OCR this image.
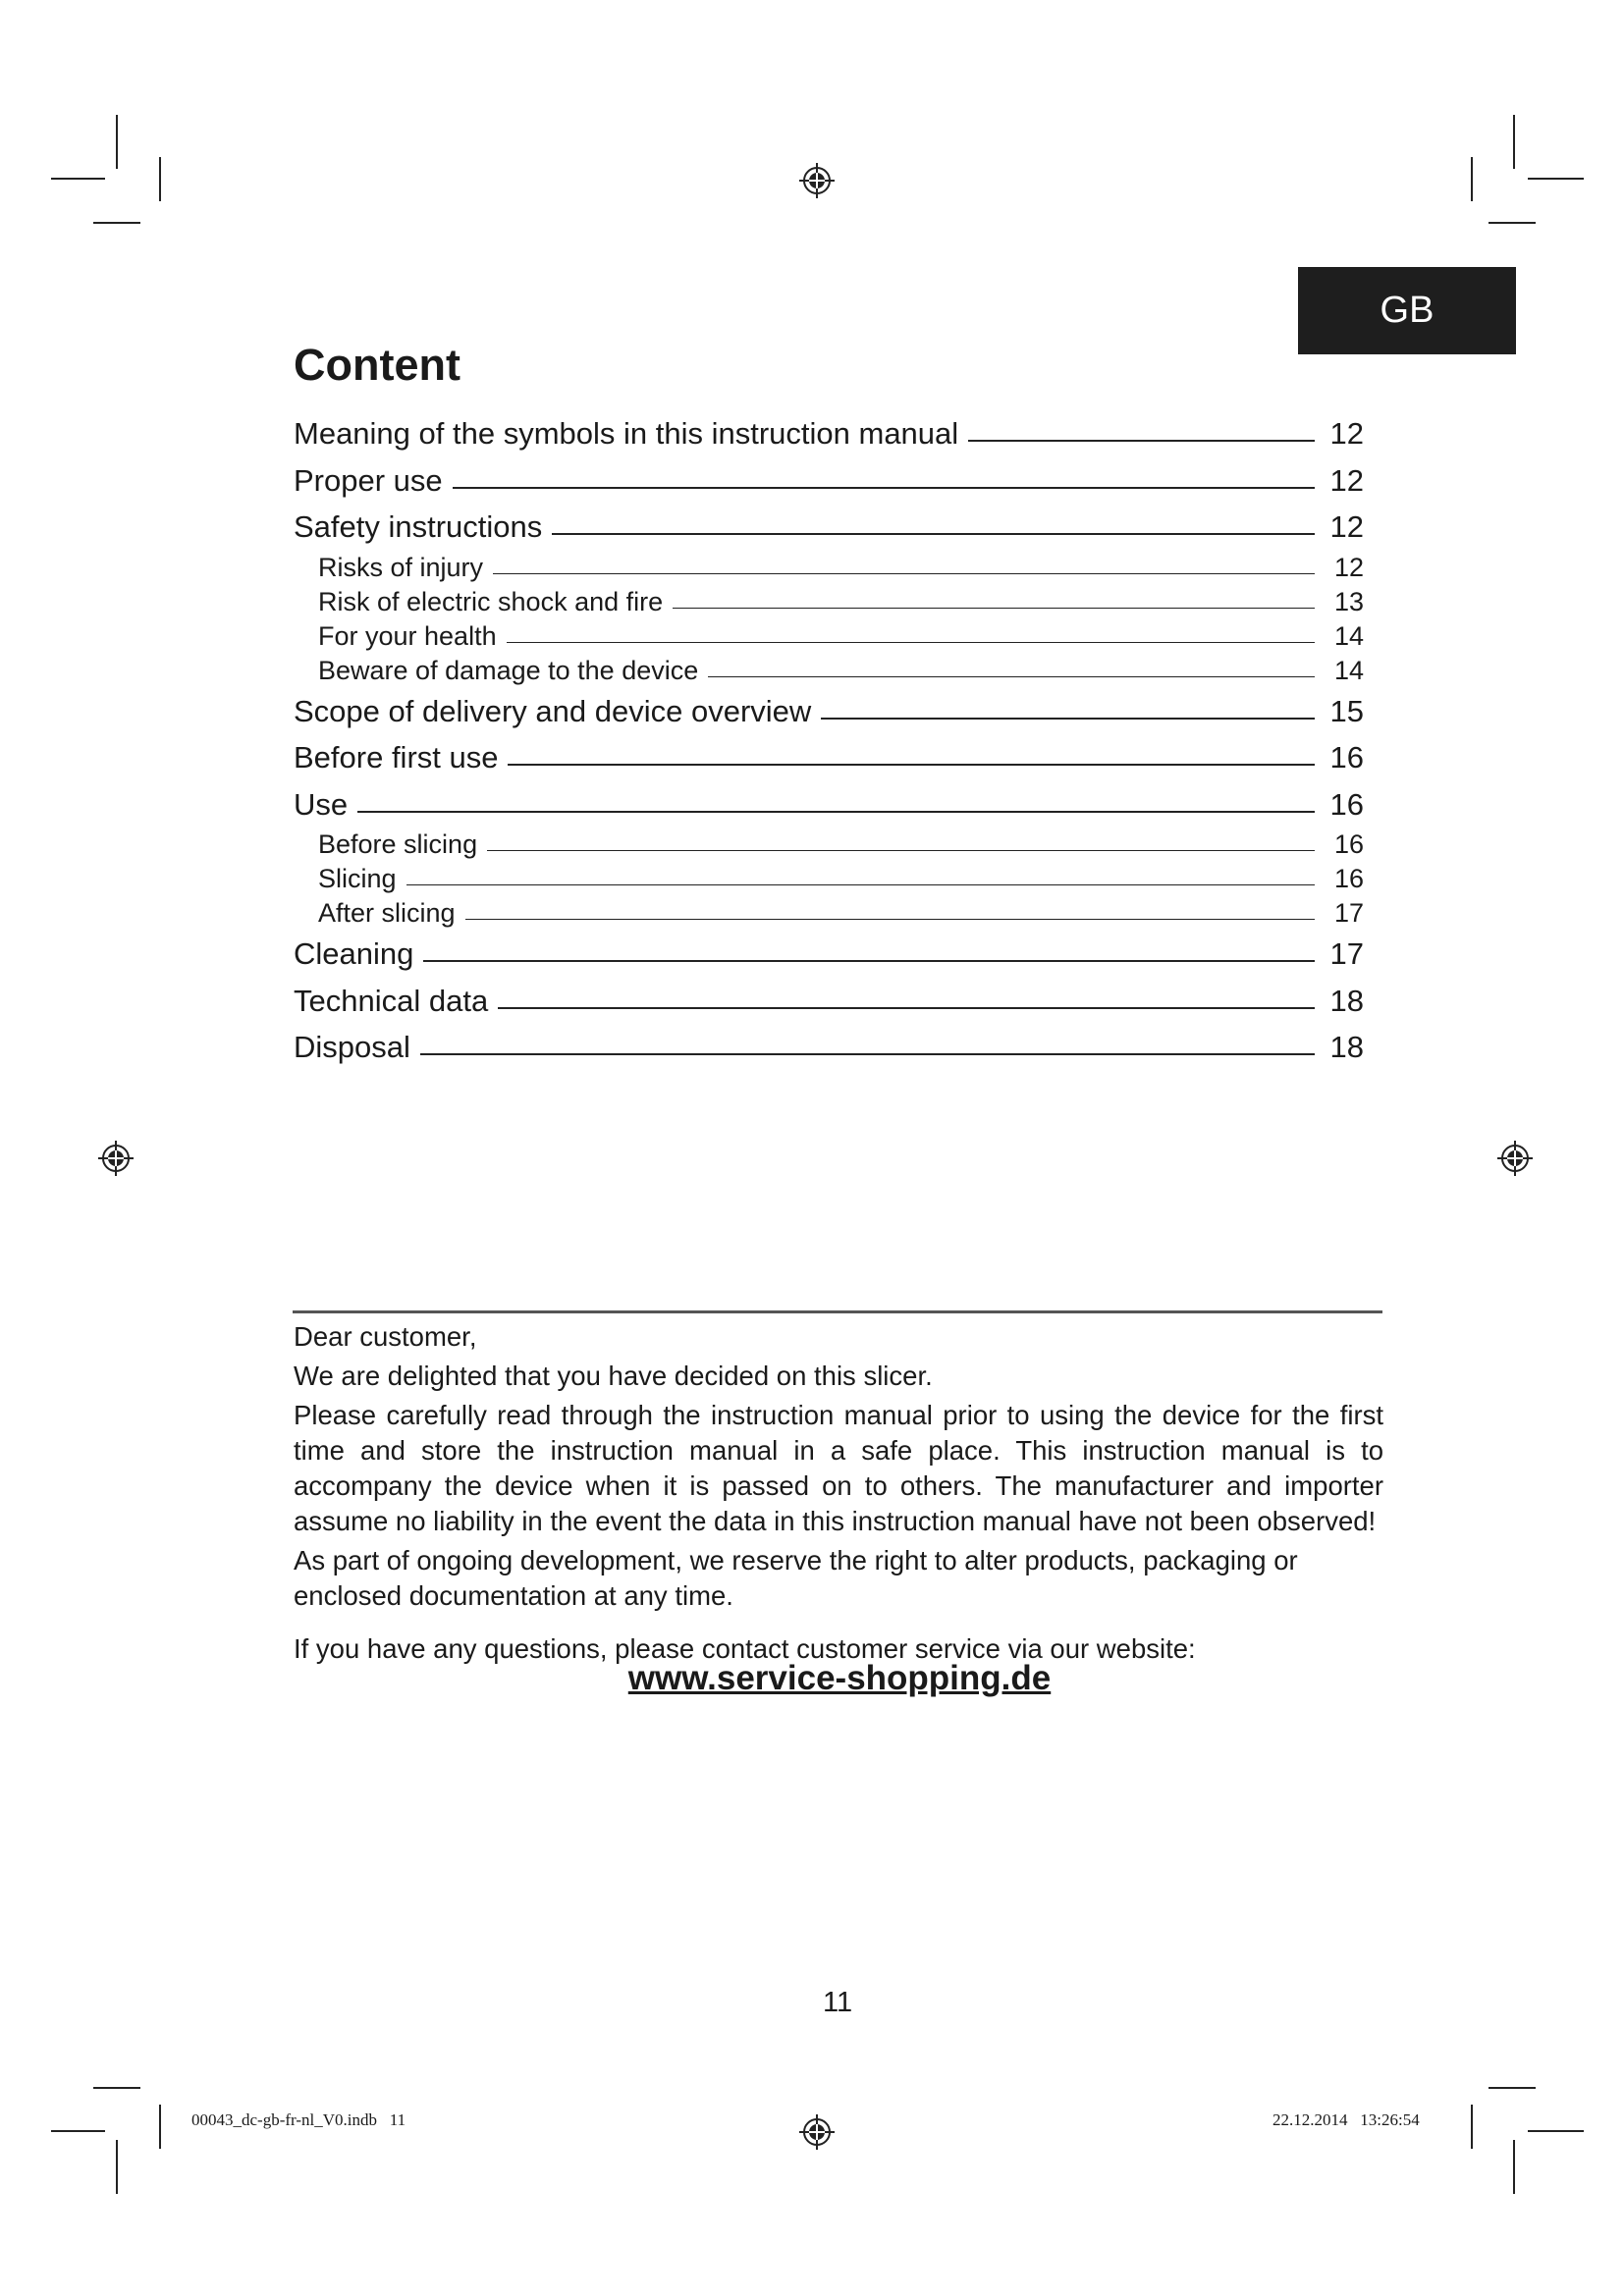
GB
Content
Meaning of the symbols in this instruction manual	12
Proper use	12
Safety instructions	12
Risks of injury	12
Risk of electric shock and fire	13
For your health	14
Beware of damage to the device	14
Scope of delivery and device overview	15
Before first use	16
Use	16
Before slicing	16
Slicing	16
After slicing	17
Cleaning	17
Technical data	18
Disposal	18

Dear customer,

We are delighted that you have decided on this slicer.

Please carefully read through the instruction manual prior to using the device for the first time and store the instruction manual in a safe place. This instruction manual is to accompany the device when it is passed on to others. The manufacturer and importer assume no liability in the event the data in this instruction manual have not been observed!

As part of ongoing development, we reserve the right to alter products, packaging or enclosed documentation at any time.

If you have any questions, please contact customer service via our website:

www.service-shopping.de
11
00043_dc-gb-fr-nl_V0.indb   11	22.12.2014   13:26:54
